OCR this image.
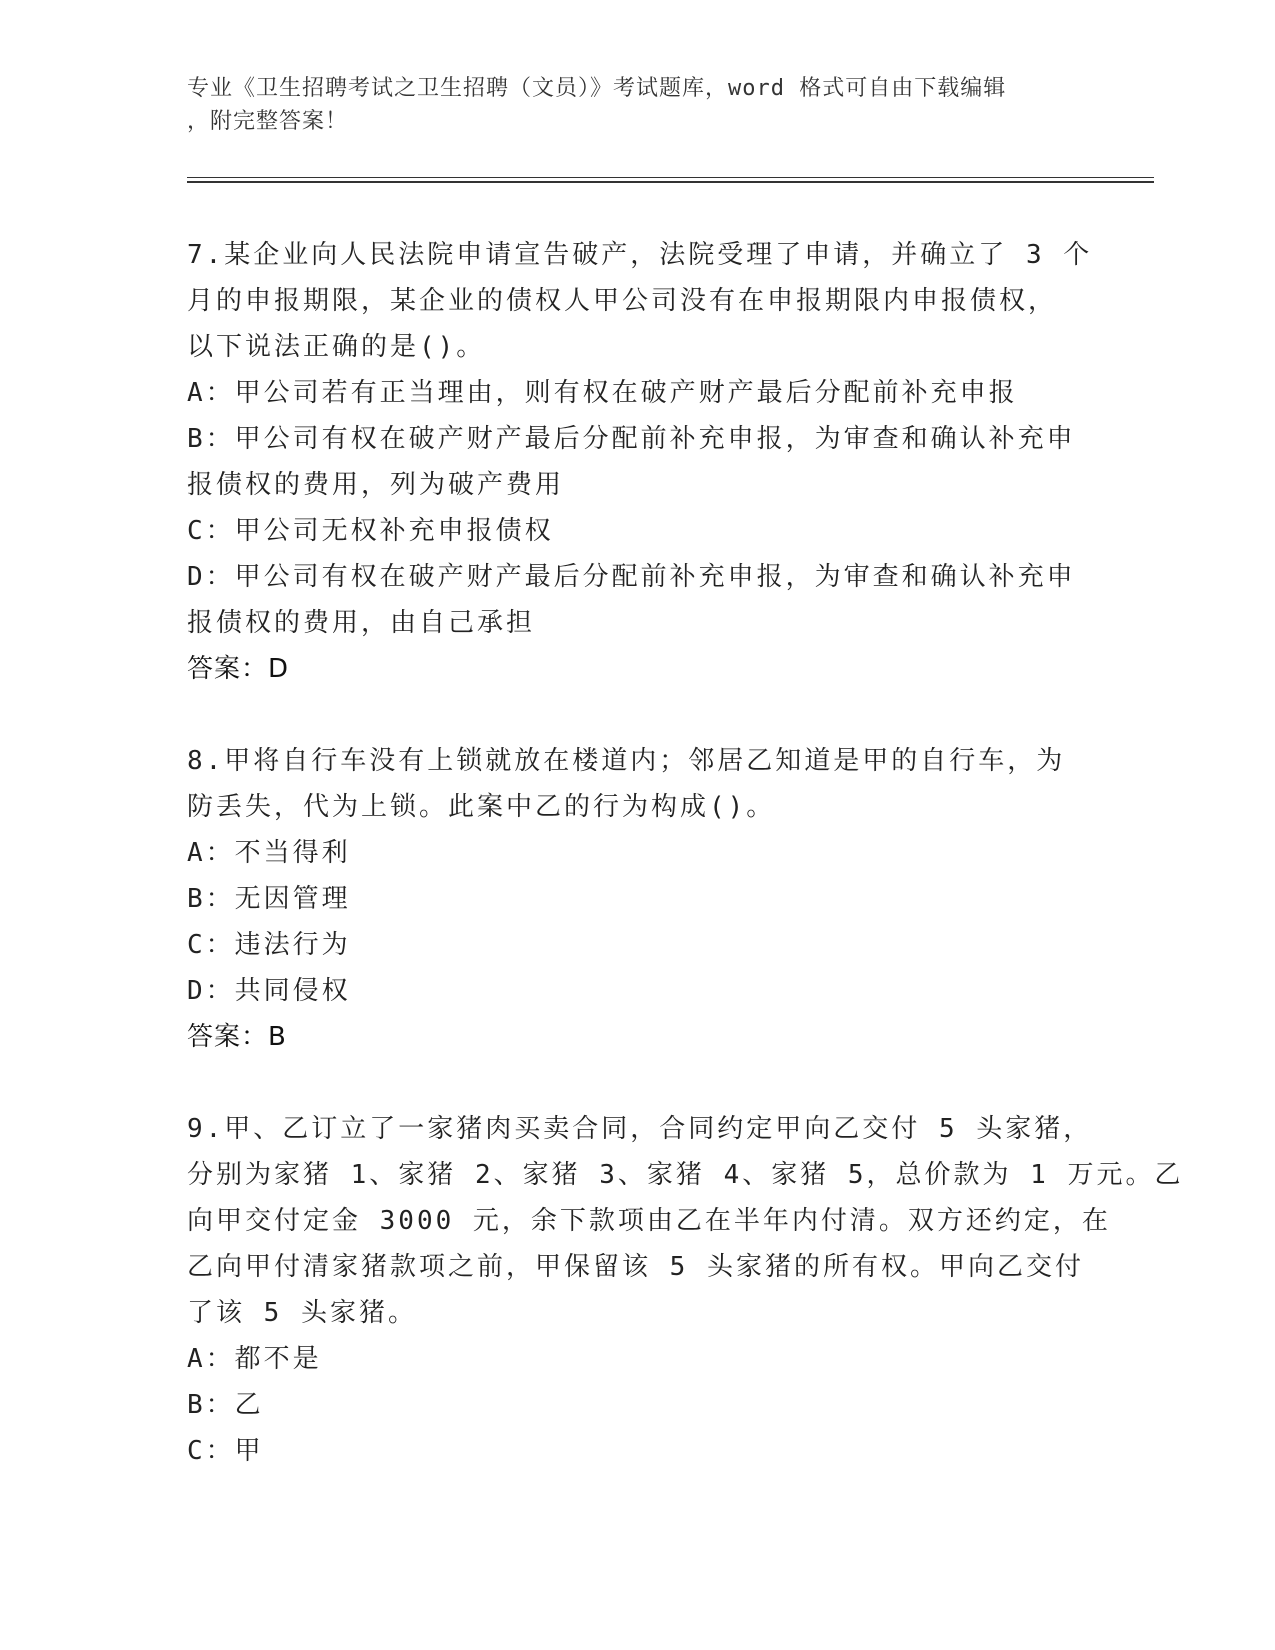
专业《卫生招聘考试之卫生招聘（文员）》考试题库，word 格式可自由下载编辑
，附完整答案！
7.某企业向人民法院申请宣告破产，法院受理了申请，并确立了 3 个
月的申报期限，某企业的债权人甲公司没有在申报期限内申报债权，
以下说法正确的是()。
A：甲公司若有正当理由，则有权在破产财产最后分配前补充申报
B：甲公司有权在破产财产最后分配前补充申报，为审查和确认补充申
报债权的费用，列为破产费用
C：甲公司无权补充申报债权
D：甲公司有权在破产财产最后分配前补充申报，为审查和确认补充申
报债权的费用，由自己承担
答案：D
8.甲将自行车没有上锁就放在楼道内；邻居乙知道是甲的自行车，为
防丢失，代为上锁。此案中乙的行为构成()。
A：不当得利
B：无因管理
C：违法行为
D：共同侵权
答案：B
9.甲、乙订立了一家猪肉买卖合同，合同约定甲向乙交付 5 头家猪，
分别为家猪 1、家猪 2、家猪 3、家猪 4、家猪 5，总价款为 1 万元。乙
向甲交付定金 3000 元，余下款项由乙在半年内付清。双方还约定，在
乙向甲付清家猪款项之前，甲保留该 5 头家猪的所有权。甲向乙交付
了该 5 头家猪。
A：都不是
B：乙
C：甲
